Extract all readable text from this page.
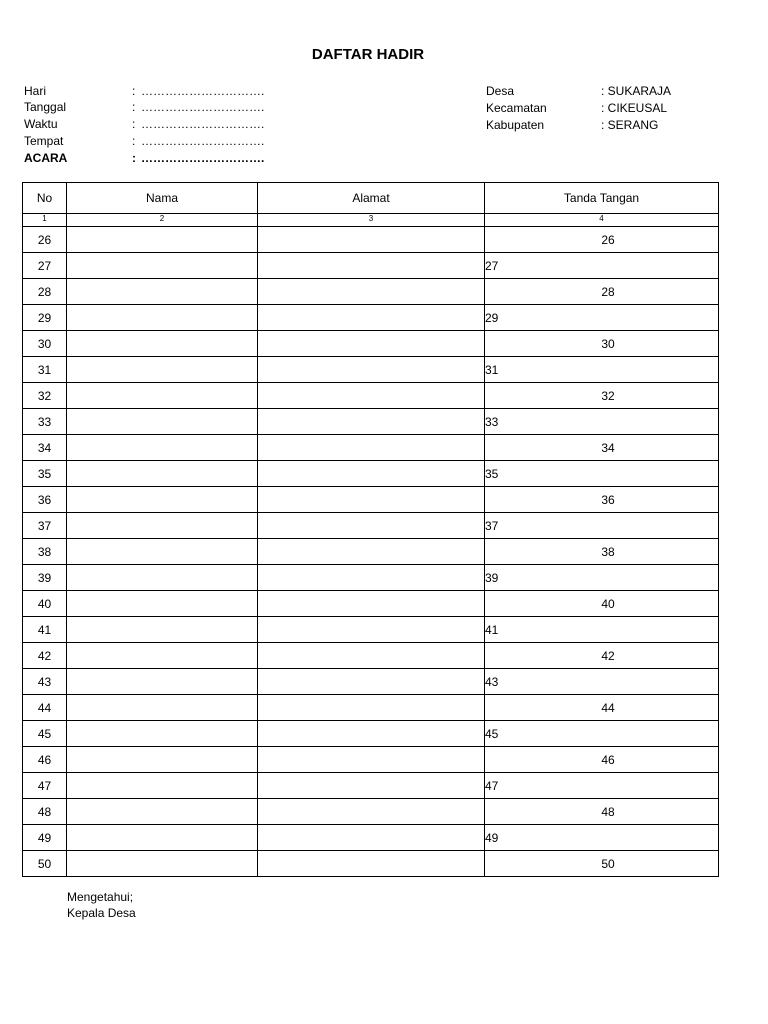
DAFTAR HADIR
Hari	: ………………………….
Tanggal	: ………………………….
Waktu	: ………………………….
Tempat	: ………………………….
ACARA	: ………………………….
Desa	: SUKARAJA
Kecamatan	: CIKEUSAL
Kabupaten	: SERANG
No	Nama	Alamat	Tanda Tangan
1	2	3	4
26			26
27			27
28			28
29			29
30			30
31			31
32			32
33			33
34			34
35			35
36			36
37			37
38			38
39			39
40			40
41			41
42			42
43			43
44			44
45			45
46			46
47			47
48			48
49			49
50			50
Mengetahui;
Kepala Desa
